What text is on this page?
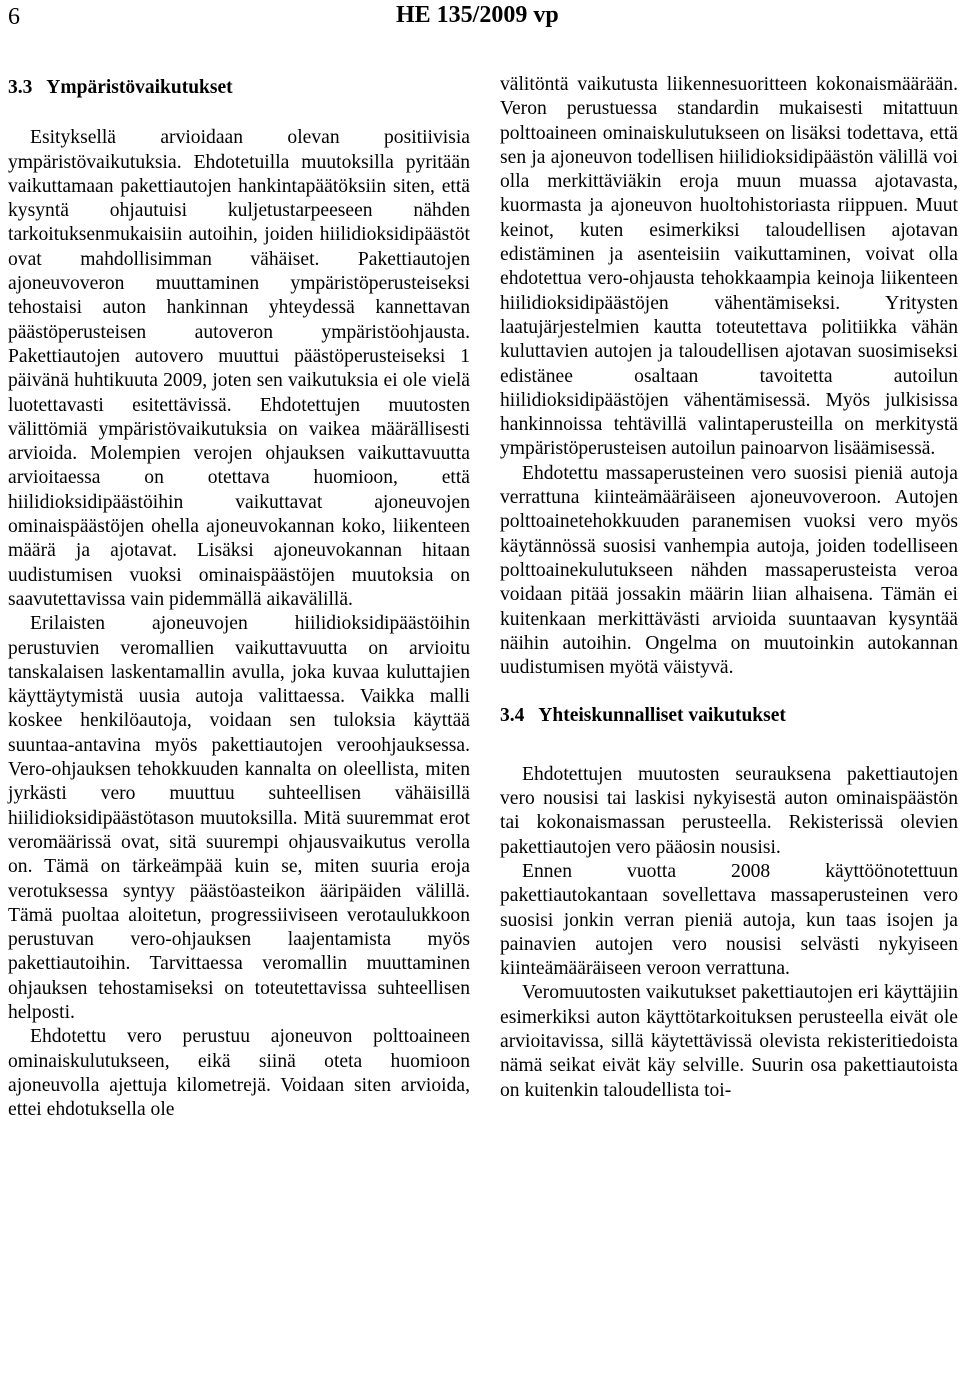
6	HE 135/2009 vp
3.3   Ympäristövaikutukset

Esityksellä arvioidaan olevan positiivisia ympäristövaikutuksia. Ehdotetuilla muutoksilla pyritään vaikuttamaan pakettiautojen hankintapäätöksiin siten, että kysyntä ohjautuisi kuljetustarpeeseen nähden tarkoituksenmukaisiin autoihin, joiden hiilidioksidipäästöt ovat mahdollisimman vähäiset. Pakettiautojen ajoneuvoveron muuttaminen ympäristöperusteiseksi tehostaisi auton hankinnan yhteydessä kannettavan päästöperusteisen autoveron ympäristöohjausta. Pakettiautojen autovero muuttui päästöperusteiseksi 1 päivänä huhtikuuta 2009, joten sen vaikutuksia ei ole vielä luotettavasti esitettävissä. Ehdotettujen muutosten välittömiä ympäristövaikutuksia on vaikea määrällisesti arvioida. Molempien verojen ohjauksen vaikuttavuutta arvioitaessa on otettava huomioon, että hiilidioksidipäästöihin vaikuttavat ajoneuvojen ominaispäästöjen ohella ajoneuvokannan koko, liikenteen määrä ja ajotavat. Lisäksi ajoneuvokannan hitaan uudistumisen vuoksi ominaispäästöjen muutoksia on saavutettavissa vain pidemmällä aikavälillä.

Erilaisten ajoneuvojen hiilidioksidipäästöihin perustuvien veromallien vaikuttavuutta on arvioitu tanskalaisen laskentamallin avulla, joka kuvaa kuluttajien käyttäytymistä uusia autoja valittaessa. Vaikka malli koskee henkilöautoja, voidaan sen tuloksia käyttää suuntaa-antavina myös pakettiautojen veroohjauksessa. Vero-ohjauksen tehokkuuden kannalta on oleellista, miten jyrkästi vero muuttuu suhteellisen vähäisillä hiilidioksidipäästötason muutoksilla. Mitä suuremmat erot veromäärissä ovat, sitä suurempi ohjausvaikutus verolla on. Tämä on tärkeämpää kuin se, miten suuria eroja verotuksessa syntyy päästöasteikon ääripäiden välillä. Tämä puoltaa aloitetun, progressiiviseen verotaulukkoon perustuvan vero-ohjauksen laajentamista myös pakettiautoihin. Tarvittaessa veromallin muuttaminen ohjauksen tehostamiseksi on toteutettavissa suhteellisen helposti.

Ehdotettu vero perustuu ajoneuvon polttoaineen ominaiskulutukseen, eikä siinä oteta huomioon ajoneuvolla ajettuja kilometrejä. Voidaan siten arvioida, ettei ehdotuksella ole

välitöntä vaikutusta liikennesuoritteen kokonaismäärään. Veron perustuessa standardin mukaisesti mitattuun polttoaineen ominaiskulutukseen on lisäksi todettava, että sen ja ajoneuvon todellisen hiilidioksidipäästön välillä voi olla merkittäviäkin eroja muun muassa ajotavasta, kuormasta ja ajoneuvon huoltohistoriasta riippuen. Muut keinot, kuten esimerkiksi taloudellisen ajotavan edistäminen ja asenteisiin vaikuttaminen, voivat olla ehdotettua vero-ohjausta tehokkaampia keinoja liikenteen hiilidioksidipäästöjen vähentämiseksi. Yritysten laatujärjestelmien kautta toteutettava politiikka vähän kuluttavien autojen ja taloudellisen ajotavan suosimiseksi edistänee osaltaan tavoitetta autoilun hiilidioksidipäästöjen vähentämisessä. Myös julkisissa hankinnoissa tehtävillä valintaperusteilla on merkitystä ympäristöperusteisen autoilun painoarvon lisäämisessä.

Ehdotettu massaperusteinen vero suosisi pieniä autoja verrattuna kiinteämääräiseen ajoneuvoveroon. Autojen polttoainetehokkuuden paranemisen vuoksi vero myös käytännössä suosisi vanhempia autoja, joiden todelliseen polttoainekulutukseen nähden massaperusteista veroa voidaan pitää jossakin määrin liian alhaisena. Tämän ei kuitenkaan merkittävästi arvioida suuntaavan kysyntää näihin autoihin. Ongelma on muutoinkin autokannan uudistumisen myötä väistyvä.

3.4   Yhteiskunnalliset vaikutukset

Ehdotettujen muutosten seurauksena pakettiautojen vero nousisi tai laskisi nykyisestä auton ominaispäästön tai kokonaismassan perusteella. Rekisterissä olevien pakettiautojen vero pääosin nousisi.

Ennen vuotta 2008 käyttöönotettuun pakettiautokantaan sovellettava massaperusteinen vero suosisi jonkin verran pieniä autoja, kun taas isojen ja painavien autojen vero nousisi selvästi nykyiseen kiinteämääräiseen veroon verrattuna.

Veromuutosten vaikutukset pakettiautojen eri käyttäjiin esimerkiksi auton käyttötarkoituksen perusteella eivät ole arvioitavissa, sillä käytettävissä olevista rekisteritiedoista nämä seikat eivät käy selville. Suurin osa pakettiautoista on kuitenkin taloudellista toi-
